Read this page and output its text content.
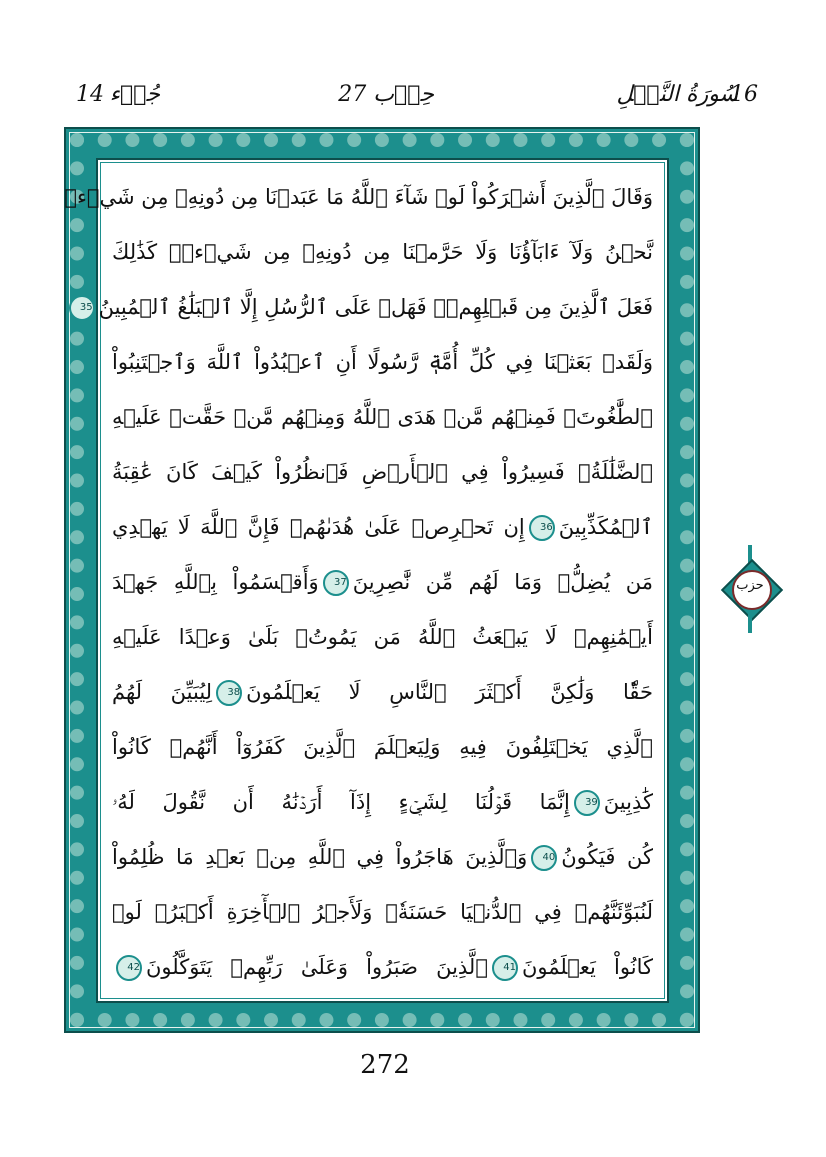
16
سُورَةُ النَّحۡلِ
حِزۡب 27
جُزۡء
14
وَقَالَ ٱلَّذِينَ أَشۡرَكُواْ لَوۡ شَآءَ ٱللَّهُ مَا عَبَدۡنَا مِن دُونِهِۦ مِن شَيۡءٖ
نَّحۡنُ وَلَآ ءَابَآؤُنَا وَلَا حَرَّمۡنَا مِن دُونِهِۦ مِن شَيۡءٖۚ كَذَٰلِكَ
فَعَلَ ٱلَّذِينَ مِن قَبۡلِهِمۡۚ فَهَلۡ عَلَى ٱلرُّسُلِ إِلَّا ٱلۡبَلَٰغُ ٱلۡمُبِينُ35
وَلَقَدۡ بَعَثۡنَا فِي كُلِّ أُمَّةٖ رَّسُولًا أَنِ ٱعۡبُدُواْ ٱللَّهَ وَٱجۡتَنِبُواْ
ٱلطَّٰغُوتَۖ فَمِنۡهُم مَّنۡ هَدَى ٱللَّهُ وَمِنۡهُم مَّنۡ حَقَّتۡ عَلَيۡهِ
ٱلضَّلَٰلَةُۚ فَسِيرُواْ فِي ٱلۡأَرۡضِ فَٱنظُرُواْ كَيۡفَ كَانَ عَٰقِبَةُ
ٱلۡمُكَذِّبِينَ36إِن تَحۡرِصۡ عَلَىٰ هُدَىٰهُمۡ فَإِنَّ ٱللَّهَ لَا يَهۡدِي
مَن يُضِلُّۖ وَمَا لَهُم مِّن نَّٰصِرِينَ37وَأَقۡسَمُواْ بِٱللَّهِ جَهۡدَ
أَيۡمَٰنِهِمۡ لَا يَبۡعَثُ ٱللَّهُ مَن يَمُوتُۚ بَلَىٰ وَعۡدًا عَلَيۡهِ
حَقّٗا وَلَٰكِنَّ أَكۡثَرَ ٱلنَّاسِ لَا يَعۡلَمُونَ38لِيُبَيِّنَ لَهُمُ
ٱلَّذِي يَخۡتَلِفُونَ فِيهِ وَلِيَعۡلَمَ ٱلَّذِينَ كَفَرُوٓاْ أَنَّهُمۡ كَانُواْ
كَٰذِبِينَ39إِنَّمَا قَوۡلُنَا لِشَيۡءٍ إِذَآ أَرَدۡنَٰهُ أَن نَّقُولَ لَهُۥ
كُن فَيَكُونُ40وَٱلَّذِينَ هَاجَرُواْ فِي ٱللَّهِ مِنۢ بَعۡدِ مَا ظُلِمُواْ
لَنُبَوِّئَنَّهُمۡ فِي ٱلدُّنۡيَا حَسَنَةٗۖ وَلَأَجۡرُ ٱلۡأٓخِرَةِ أَكۡبَرُۚ لَوۡ
كَانُواْ يَعۡلَمُونَ41ٱلَّذِينَ صَبَرُواْ وَعَلَىٰ رَبِّهِمۡ يَتَوَكَّلُونَ42
حزب
272
